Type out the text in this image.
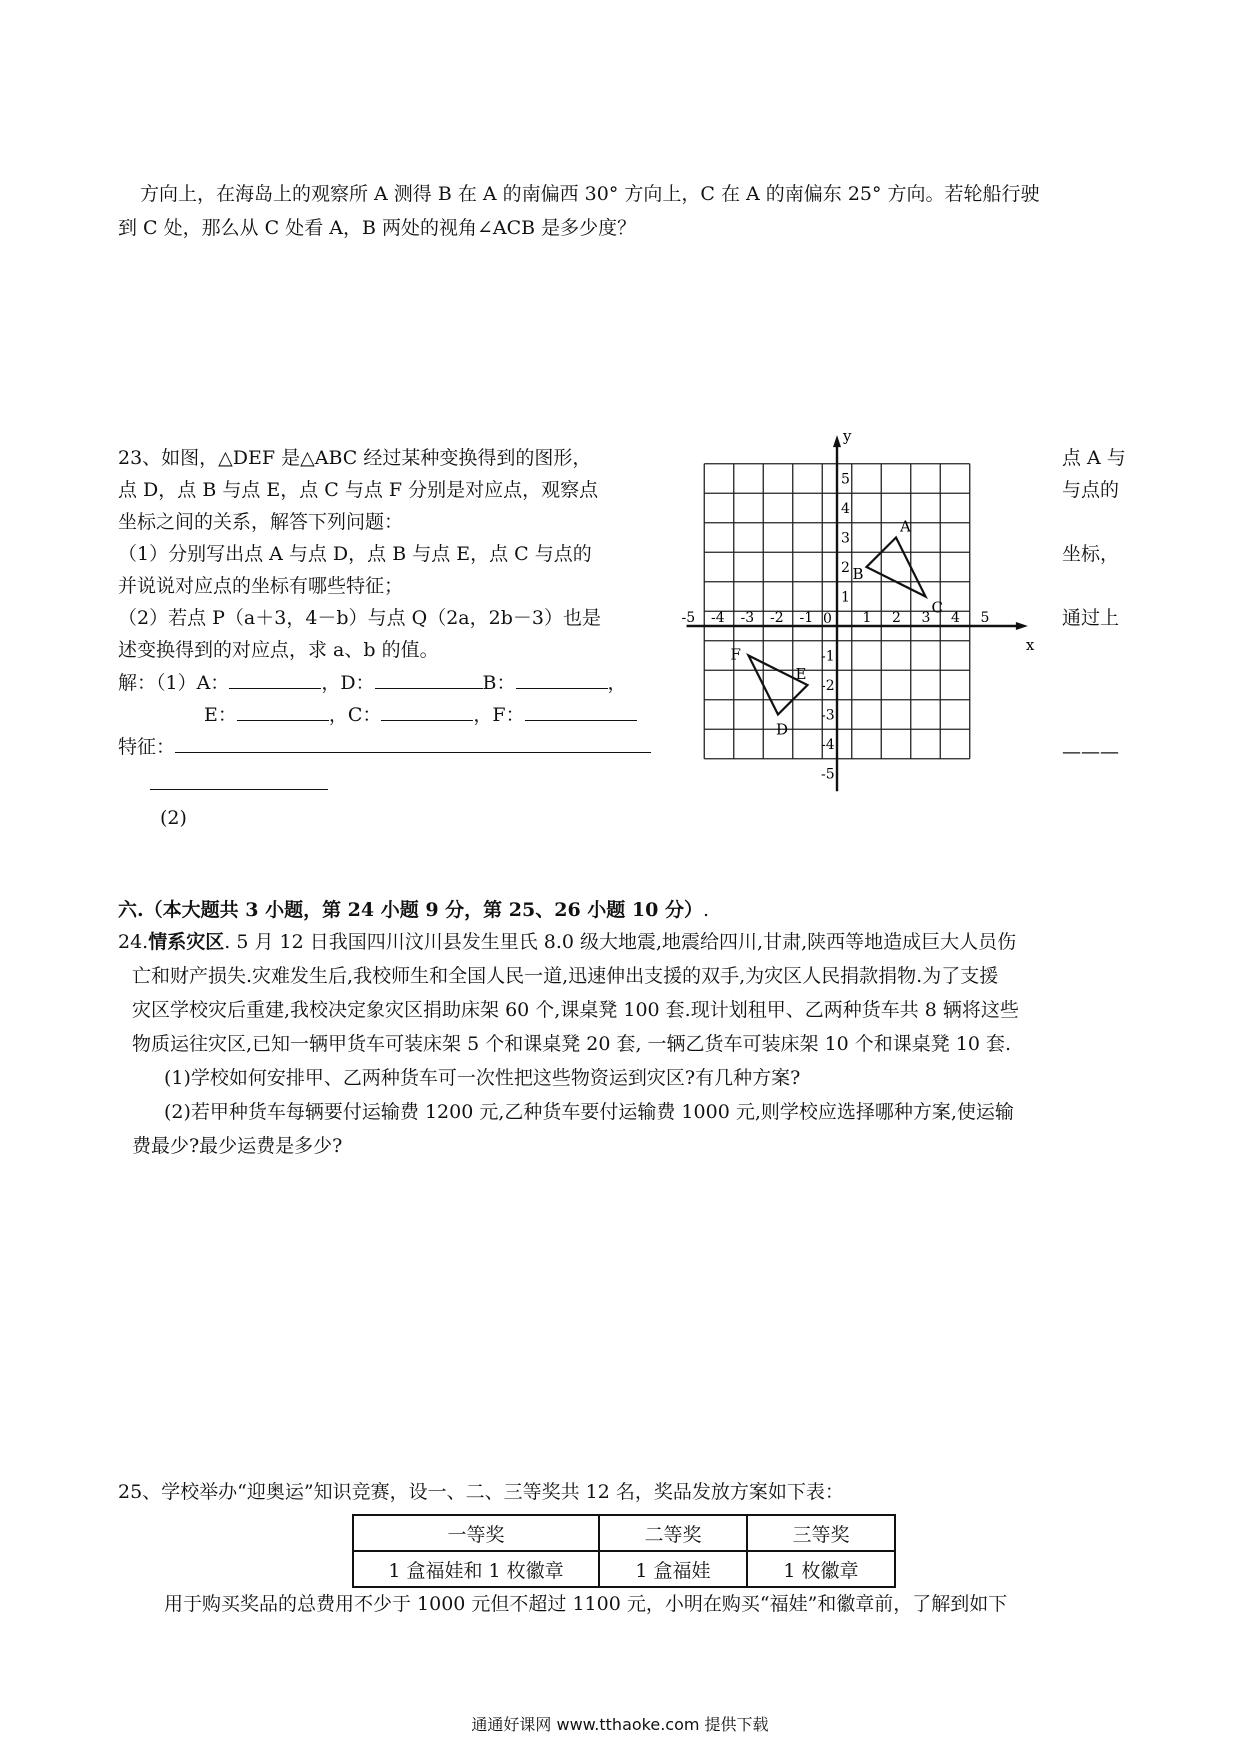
方向上，在海岛上的观察所 A 测得 B 在 A 的南偏西 30° 方向上，C 在 A 的南偏东 25° 方向。若轮船行驶
到 C 处，那么从 C 处看 A，B 两处的视角∠ACB 是多少度？
23、如图，△DEF 是△ABC 经过某种变换得到的图形，
点 D，点 B 与点 E，点 C 与点 F 分别是对应点，观察点
坐标之间的关系，解答下列问题：
（1）分别写出点 A 与点 D，点 B 与点 E，点 C 与点的
并说说对应点的坐标有哪些特征；
（2）若点 P（a＋3，4－b）与点 Q（2a，2b－3）也是
述变换得到的对应点，求 a、b 的值。
解：（1）A：	，D：	B：	，
E：	，C：	，F：
特征：
(2)
点 A 与
与点的
坐标，
通过上
———
x
y
0
-5 -4 -3 -2 -1	1 2 3 4 5
5
4
3
2
1
-1
-2
-3
-4
-5
A
B
C
D
E
F
六.（本大题共 3 小题，第 24 小题 9 分，第 25、26 小题 10 分）.
24.情系灾区. 5 月 12 日我国四川汶川县发生里氏 8.0 级大地震,地震给四川,甘肃,陕西等地造成巨大人员伤
亡和财产损失.灾难发生后,我校师生和全国人民一道,迅速伸出支援的双手,为灾区人民捐款捐物.为了支援
灾区学校灾后重建,我校决定象灾区捐助床架 60 个,课桌凳 100 套.现计划租甲、乙两种货车共 8 辆将这些
物质运往灾区,已知一辆甲货车可装床架 5 个和课桌凳 20 套, 一辆乙货车可装床架 10 个和课桌凳 10 套.
(1)学校如何安排甲、乙两种货车可一次性把这些物资运到灾区?有几种方案?
(2)若甲种货车每辆要付运输费 1200 元,乙种货车要付运输费 1000 元,则学校应选择哪种方案,使运输
费最少?最少运费是多少?
25、学校举办“迎奥运”知识竞赛，设一、二、三等奖共 12 名，奖品发放方案如下表：
一等奖	二等奖	三等奖
1 盒福娃和 1 枚徽章	1 盒福娃	1 枚徽章
用于购买奖品的总费用不少于 1000 元但不超过 1100 元，小明在购买“福娃”和徽章前，了解到如下
通通好课网 www.tthaoke.com 提供下载
